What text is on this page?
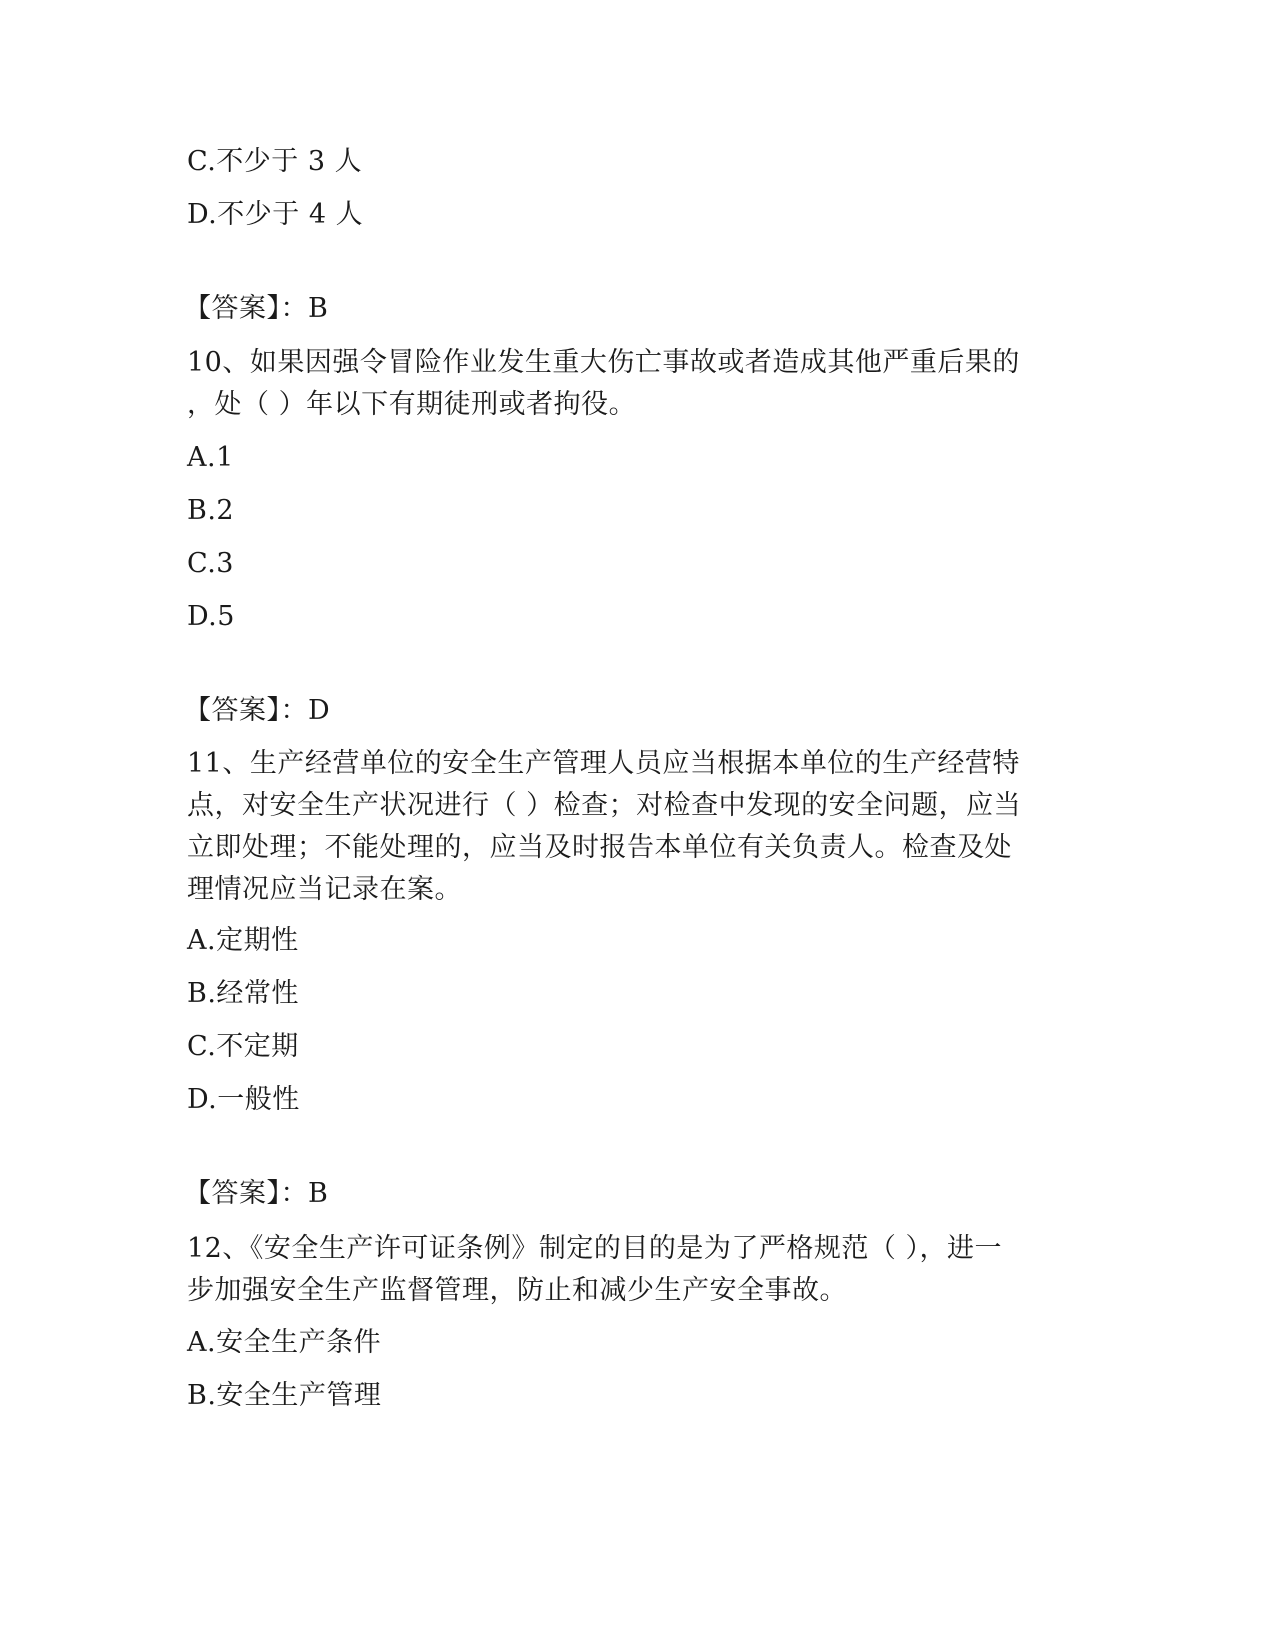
C.不少于 3 人
D.不少于 4 人
【答案】：B
10、如果因强令冒险作业发生重大伤亡事故或者造成其他严重后果的
，处（ ）年以下有期徒刑或者拘役。
A.1
B.2
C.3
D.5
【答案】：D
11、生产经营单位的安全生产管理人员应当根据本单位的生产经营特
点，对安全生产状况进行（ ）检查；对检查中发现的安全问题，应当
立即处理；不能处理的，应当及时报告本单位有关负责人。检查及处
理情况应当记录在案。
A.定期性
B.经常性
C.不定期
D.一般性
【答案】：B
12、《安全生产许可证条例》制定的目的是为了严格规范（ ），进一
步加强安全生产监督管理，防止和减少生产安全事故。
A.安全生产条件
B.安全生产管理
